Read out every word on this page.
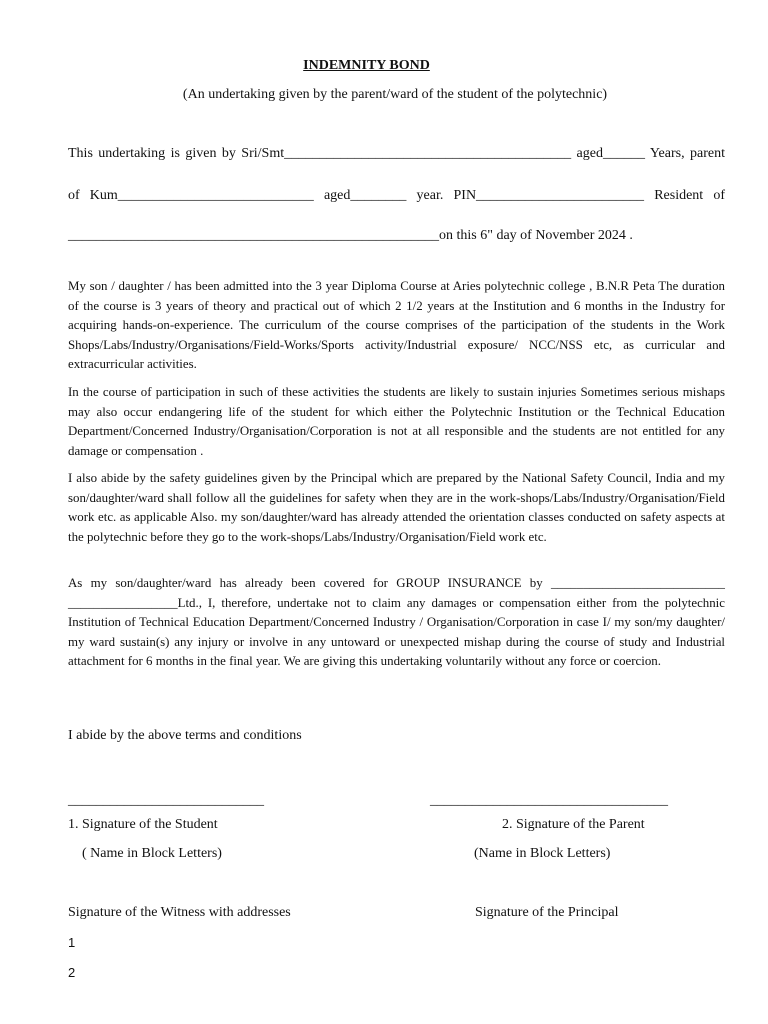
INDEMNITY BOND

(An undertaking given by the parent/ward of the student of the polytechnic)

This undertaking is given by Sri/Smt_________________________________________ aged______ Years, parent

of Kum____________________________ aged________ year. PIN________________________ Resident of

_____________________________________________________on this 6" day of November 2024 .

My son / daughter / has been admitted into the 3 year Diploma Course at Aries polytechnic college , B.N.R Peta The duration of the course is 3 years of theory and practical out of which 2 1/2 years at the Institution and 6 months in the Industry for acquiring hands-on-experience. The curriculum of the course comprises of the participation of the students in the Work Shops/Labs/Industry/Organisations/Field-Works/Sports activity/Industrial exposure/ NCC/NSS etc, as curricular and extracurricular activities.

In the course of participation in such of these activities the students are likely to sustain injuries Sometimes serious mishaps may also occur endangering life of the student for which either the Polytechnic Institution or the Technical Education Department/Concerned Industry/Organisation/Corporation is not at all responsible and the students are not entitled for any damage or compensation .

I also abide by the safety guidelines given by the Principal which are prepared by the National Safety Council, India and my son/daughter/ward shall follow all the guidelines for safety when they are in the work-shops/Labs/Industry/Organisation/Field work etc. as applicable Also. my son/daughter/ward has already attended the orientation classes conducted on safety aspects at the polytechnic before they go to the work-shops/Labs/Industry/Organisation/Field work etc.

As my son/daughter/ward has already been covered for GROUP INSURANCE by ___________________________ _________________Ltd., I, therefore, undertake not to claim any damages or compensation either from the polytechnic Institution of Technical Education Department/Concerned Industry / Organisation/Corporation in case I/ my son/my daughter/ my ward sustain(s) any injury or involve in any untoward or unexpected mishap during the course of study and Industrial attachment for 6 months in the final year. We are giving this undertaking voluntarily without any force or coercion.

I abide by the above terms and conditions

____________________________	__________________________________

1. Signature of the Student	2. Signature of the Parent

( Name in Block Letters)	(Name in Block Letters)

Signature of the Witness with addresses	Signature of the Principal

1

2
